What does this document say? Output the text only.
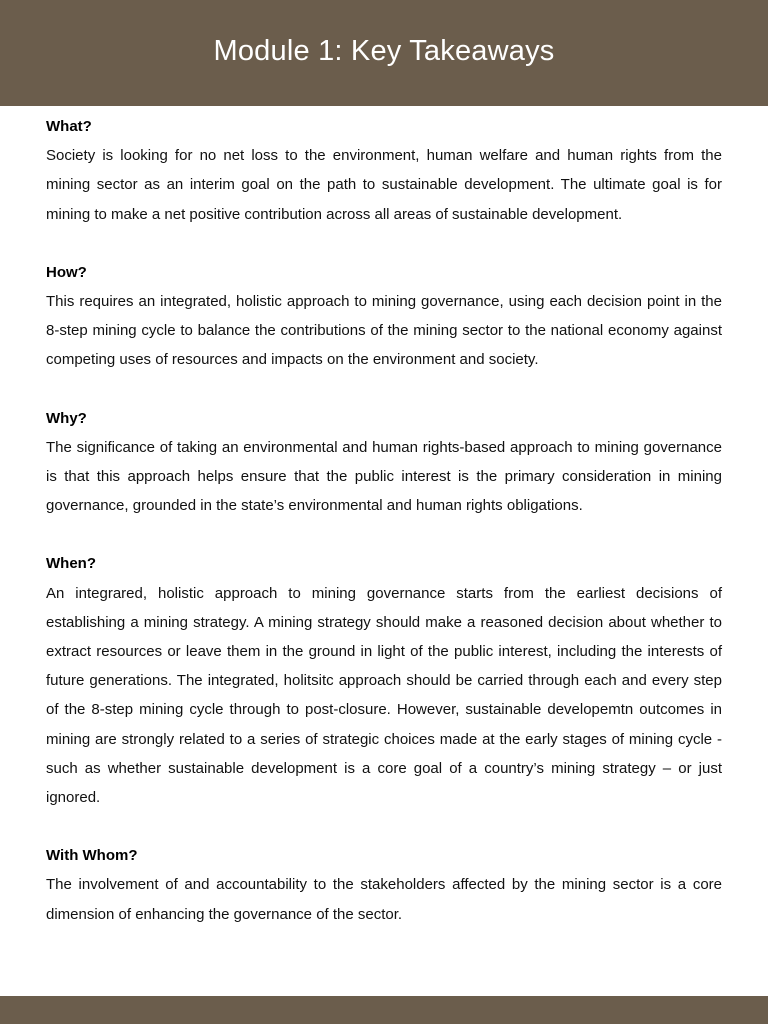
Module 1: Key Takeaways
What?

Society is looking for no net loss to the environment, human welfare and human rights from the mining sector as an interim goal on the path to sustainable development. The ultimate goal is for mining to make a net positive contribution across all areas of sustainable development.

How?

This requires an integrated, holistic approach to mining governance, using each decision point in the 8-step mining cycle to balance the contributions of the mining sector to the national economy against competing uses of resources and impacts on the environment and society.

Why?

The significance of taking an environmental and human rights-based approach to mining governance is that this approach helps ensure that the public interest is the primary consideration in mining governance, grounded in the state’s environmental and human rights obligations.

When?

An integrared, holistic approach to mining governance starts from the earliest decisions of establishing a mining strategy. A mining strategy should make a reasoned decision about whether to extract resources or leave them in the ground in light of the public interest, including the interests of future generations. The integrated, holitsitc approach should be carried through each and every step of the 8-step mining cycle through to post-closure. However, sustainable developemtn outcomes in mining are strongly related to a series of strategic choices made at the early stages of mining cycle - such as whether sustainable development is a core goal of a country’s mining strategy – or just ignored.

With Whom?

The involvement of and accountability to the stakeholders affected by the mining sector is a core dimension of enhancing the governance of the sector.
